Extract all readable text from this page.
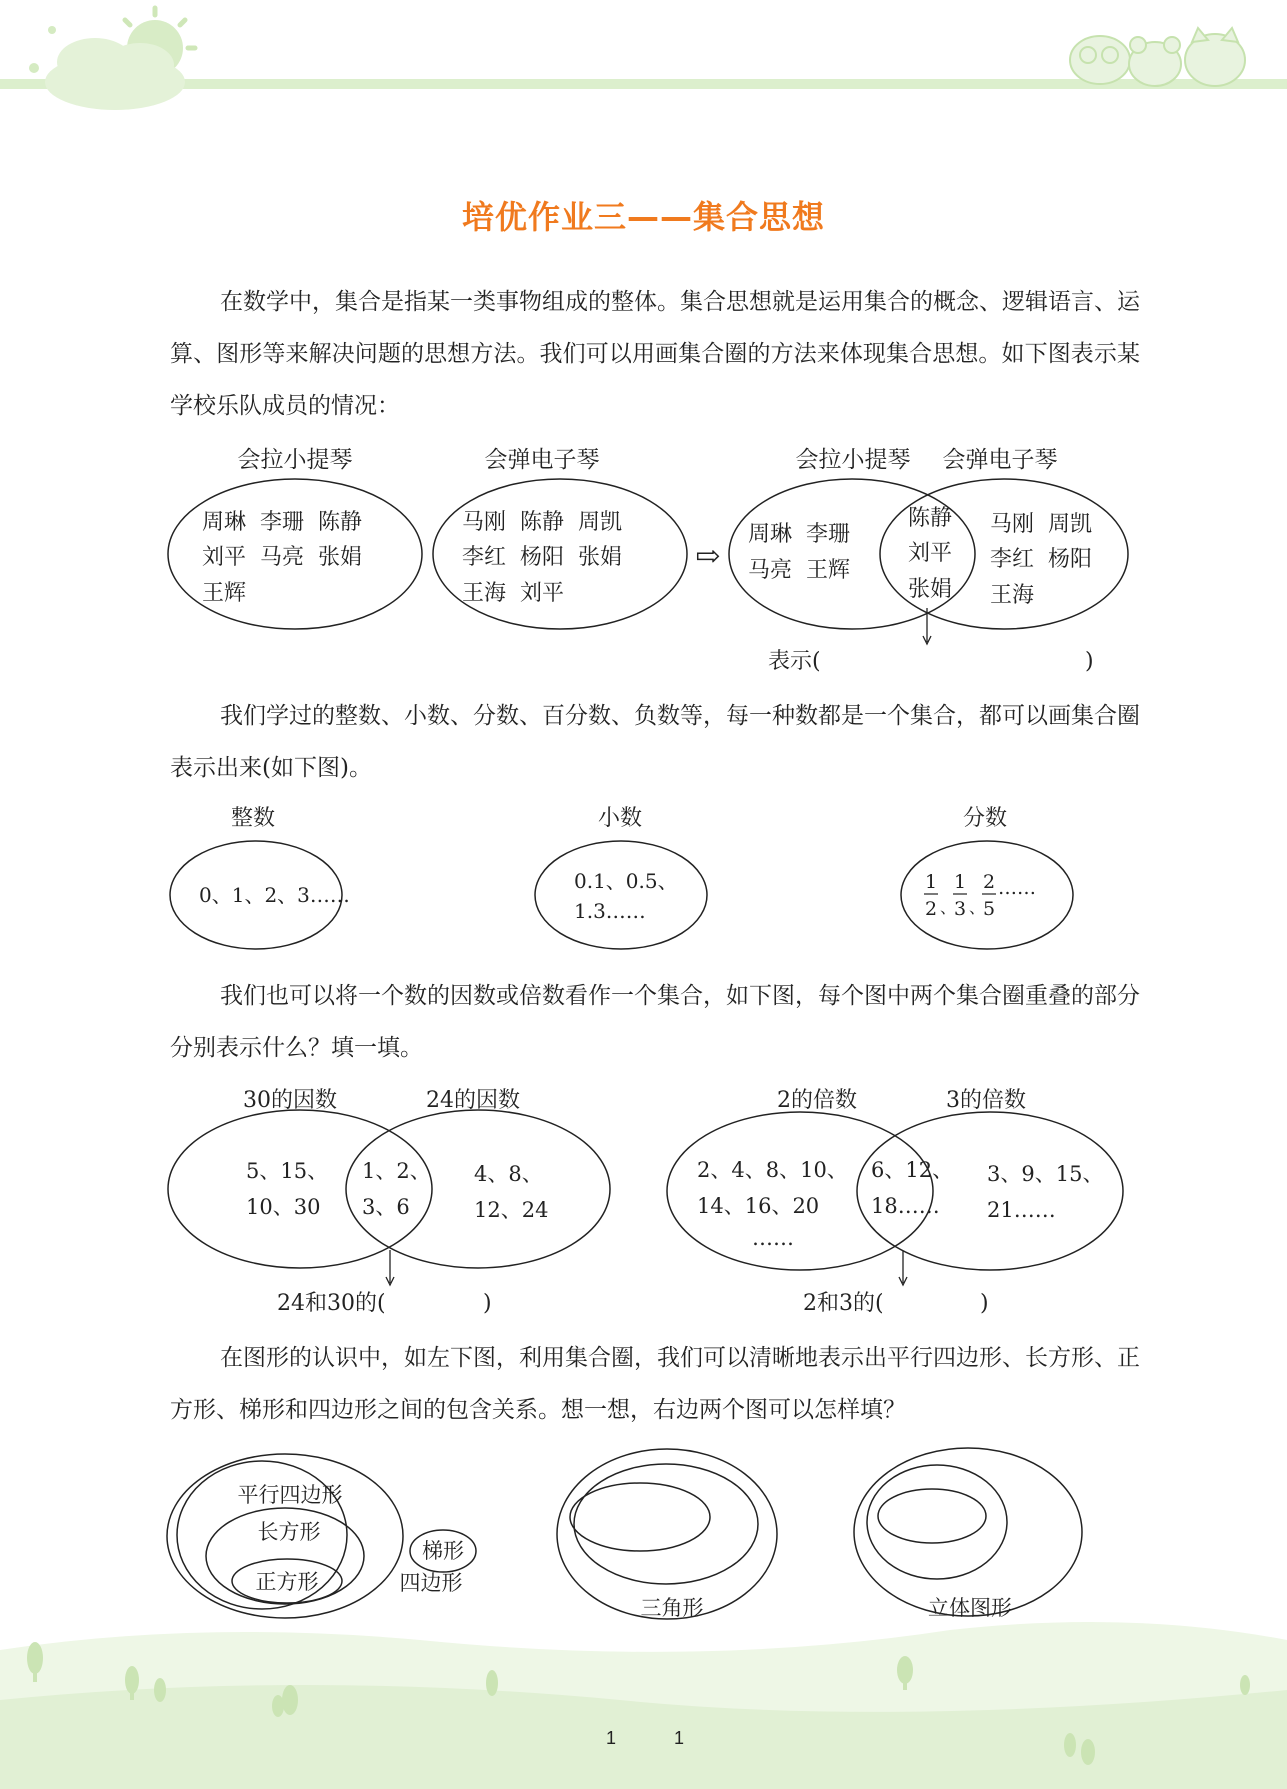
培优作业三——集合思想

在数学中，集合是指某一类事物组成的整体。集合思想就是运用集合的概念、逻辑语言、运算、图形等来解决问题的思想方法。我们可以用画集合圈的方法来体现集合思想。如下图表示某学校乐队成员的情况：

会拉小提琴	会弹电子琴
周琳  李珊  陈静
刘平  马亮  张娟
王辉
马刚  陈静  周凯
李红  杨阳  张娟
王海  刘平
⇨
会拉小提琴 会弹电子琴
周琳  李珊
马亮  王辉
陈静
刘平
张娟
马刚  周凯
李红  杨阳
王海
表示(	)

我们学过的整数、小数、分数、百分数、负数等，每一种数都是一个集合，都可以画集合圈表示出来(如下图)。

整数
0、1、2、3……
小数
0.1、0.5、
1.3……
分数
1
2 、
1
3 、
2
5
……

我们也可以将一个数的因数或倍数看作一个集合，如下图，每个图中两个集合圈重叠的部分分别表示什么？填一填。

30的因数	24的因数
5、15、
10、30
1、2、
3、6
4、8、
12、24
24和30的(	)
2的倍数	3的倍数
2、4、8、10、
14、16、20
……
6、12、
18……
3、9、15、
21……
2和3的(	)

在图形的认识中，如左下图，利用集合圈，我们可以清晰地表示出平行四边形、长方形、正方形、梯形和四边形之间的包含关系。想一想，右边两个图可以怎样填？

平行四边形
长方形
正方形
梯形
四边形
三角形	立体图形
1	1
